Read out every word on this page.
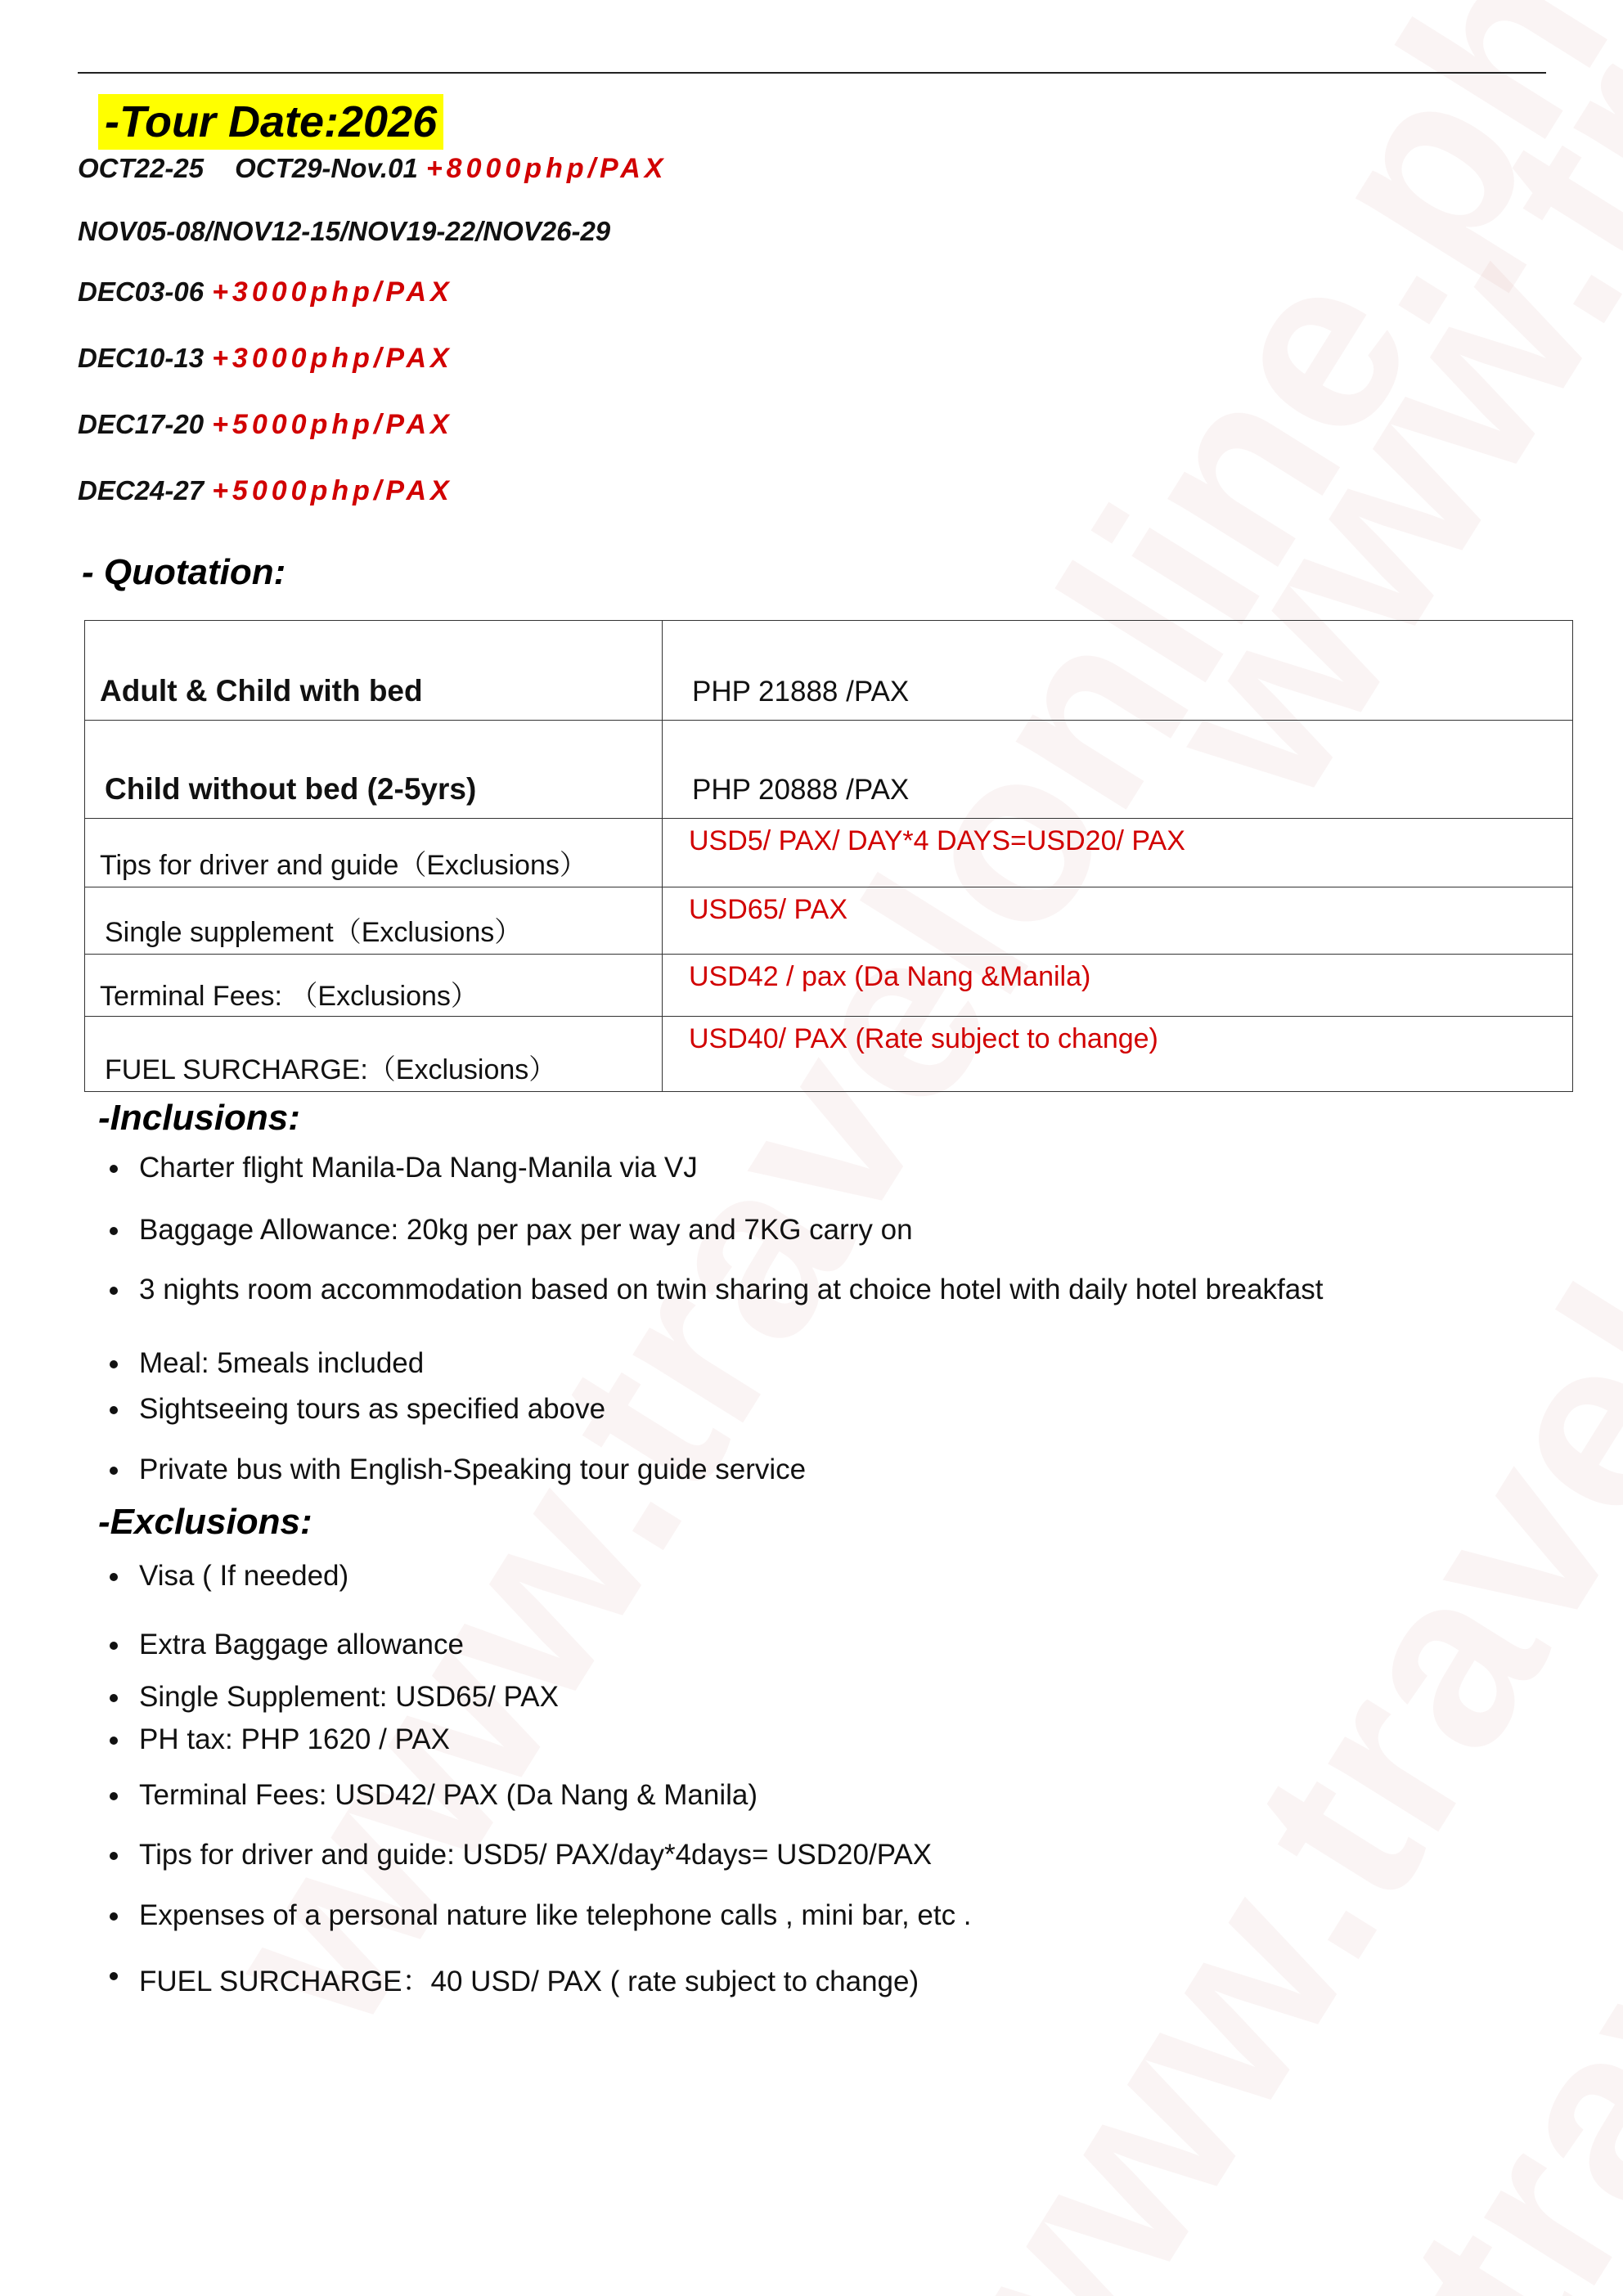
-Tour Date:2026
OCT22-25 OCT29-Nov.01 +8000php/PAX
NOV05-08/NOV12-15/NOV19-22/NOV26-29
DEC03-06 +3000php/PAX
DEC10-13 +3000php/PAX
DEC17-20 +5000php/PAX
DEC24-27 +5000php/PAX
- Quotation:
Adult & Child with bed	PHP 21888 /PAX
Child without bed (2-5yrs)	PHP 20888 /PAX
Tips for driver and guide（Exclusions）	USD5/ PAX/ DAY*4 DAYS=USD20/ PAX
Single supplement（Exclusions）	USD65/ PAX
Terminal Fees: （Exclusions）	USD42 / pax (Da Nang &Manila)
FUEL SURCHARGE:（Exclusions）	USD40/ PAX (Rate subject to change)
-Inclusions:
Charter flight Manila-Da Nang-Manila via VJ
Baggage Allowance: 20kg per pax per way and 7KG carry on
3 nights room accommodation based on twin sharing at choice hotel with daily hotel breakfast
Meal: 5meals included
Sightseeing tours as specified above
Private bus with English-Speaking tour guide service
-Exclusions:
Visa ( If needed)
Extra Baggage allowance
Single Supplement: USD65/ PAX
PH tax: PHP 1620 / PAX
Terminal Fees: USD42/ PAX (Da Nang & Manila)
Tips for driver and guide: USD5/ PAX/day*4days= USD20/PAX
Expenses of a personal nature like telephone calls , mini bar, etc .
FUEL SURCHARGE：40 USD/ PAX ( rate subject to change)
